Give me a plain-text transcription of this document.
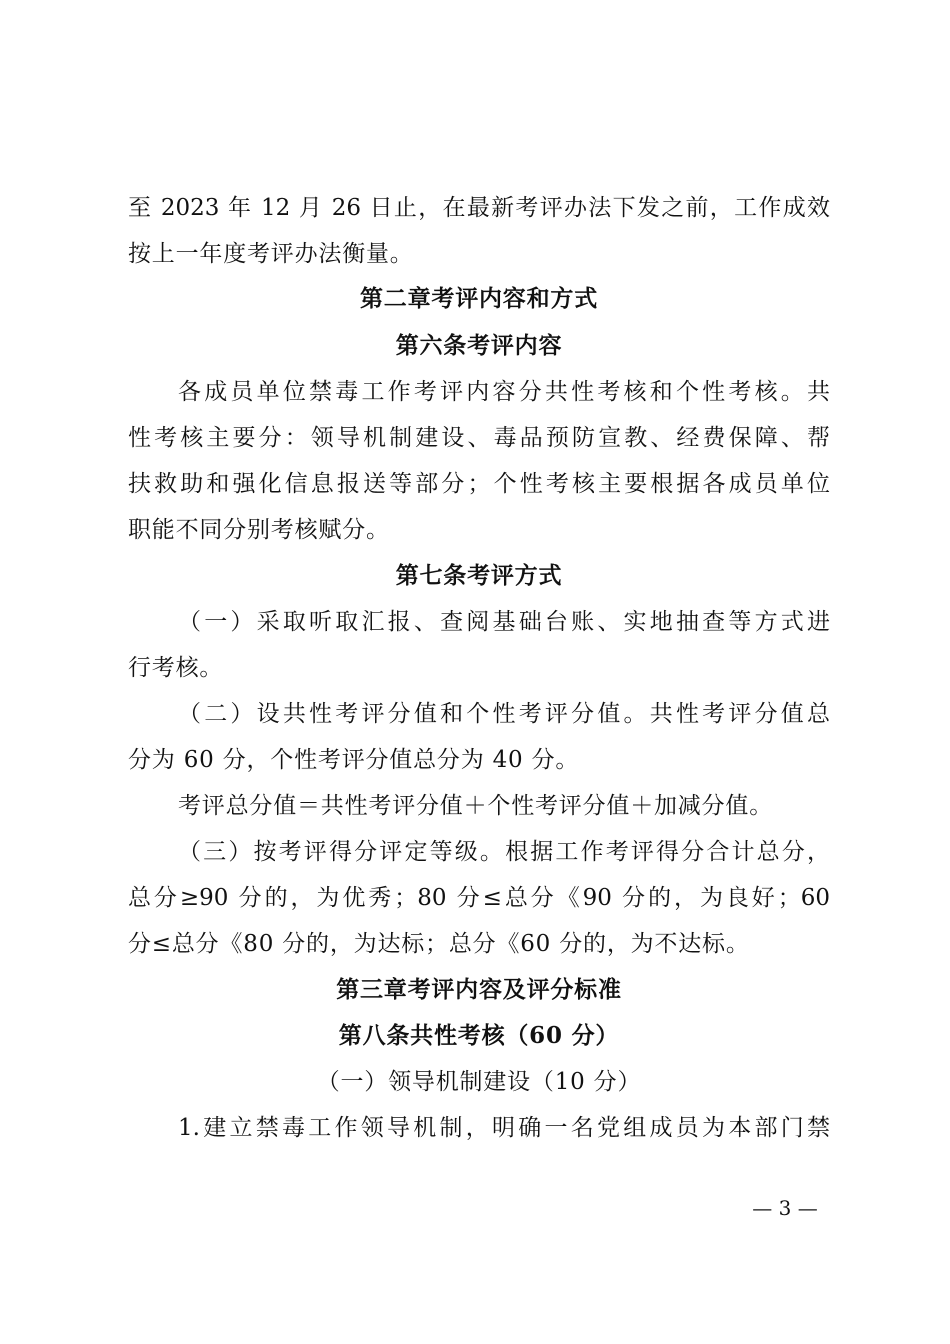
至 2023 年 12 月 26 日止，在最新考评办法下发之前，工作成效
按上一年度考评办法衡量。
第二章考评内容和方式
第六条考评内容
各成员单位禁毒工作考评内容分共性考核和个性考核。共
性考核主要分：领导机制建设、毒品预防宣教、经费保障、帮
扶救助和强化信息报送等部分；个性考核主要根据各成员单位
职能不同分别考核赋分。
第七条考评方式
（一）采取听取汇报、查阅基础台账、实地抽查等方式进
行考核。
（二）设共性考评分值和个性考评分值。共性考评分值总
分为 60 分，个性考评分值总分为 40 分。
考评总分值＝共性考评分值＋个性考评分值＋加减分值。
（三）按考评得分评定等级。根据工作考评得分合计总分，
总分≥90 分的，为优秀；80 分≤总分《90 分的，为良好；60
分≤总分《80 分的，为达标；总分《60 分的，为不达标。
第三章考评内容及评分标准
第八条共性考核（60 分）
（一）领导机制建设（10 分）
1.建立禁毒工作领导机制，明确一名党组成员为本部门禁
— 3 —
